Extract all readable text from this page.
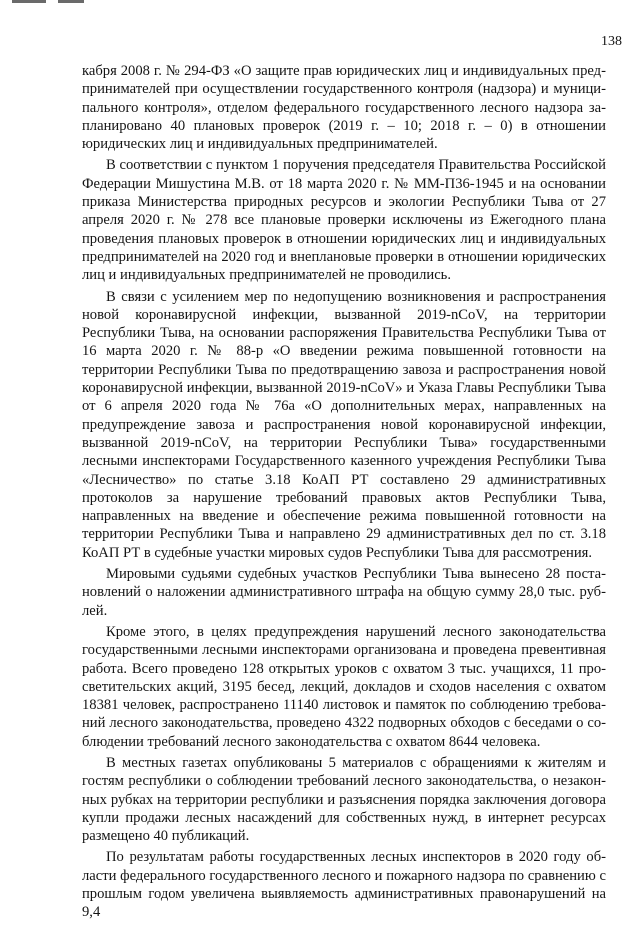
138

кабря 2008 г. № 294-ФЗ «О защите прав юридических лиц и индивидуальных предпринимателей при осуществлении государственного контроля (надзора) и муниципального контроля», отделом федерального государственного лесного надзора запланировано 40 плановых проверок (2019 г. – 10; 2018 г. – 0) в отношении юридических лиц и индивидуальных предпринимателей.

В соответствии с пунктом 1 поручения председателя Правительства Российской Федерации Мишустина М.В. от 18 марта 2020 г. № ММ-П36-1945 и на основании приказа Министерства природных ресурсов и экологии Республики Тыва от 27 апреля 2020 г. № 278 все плановые проверки исключены из Ежегодного плана проведения плановых проверок в отношении юридических лиц и индивидуальных предпринимателей на 2020 год и внеплановые проверки в отношении юридических лиц и индивидуальных предпринимателей не проводились.

В связи с усилением мер по недопущению возникновения и распространения новой коронавирусной инфекции, вызванной 2019-nCoV, на территории Республики Тыва, на основании распоряжения Правительства Республики Тыва от 16 марта 2020 г. № 88-р «О введении режима повышенной готовности на территории Республики Тыва по предотвращению завоза и распространения новой коронавирусной инфекции, вызванной 2019-nCoV» и Указа Главы Республики Тыва от 6 апреля 2020 года № 76а «О дополнительных мерах, направленных на предупреждение завоза и распространения новой коронавирусной инфекции, вызванной 2019-nCoV, на территории Республики Тыва» государственными лесными инспекторами Государственного казенного учреждения Республики Тыва «Лесничество» по статье 3.18 КоАП РТ составлено 29 административных протоколов за нарушение требований правовых актов Республики Тыва, направленных на введение и обеспечение режима повышенной готовности на территории Республики Тыва и направлено 29 административных дел по ст. 3.18 КоАП РТ в судебные участки мировых судов Республики Тыва для рассмотрения.

Мировыми судьями судебных участков Республики Тыва вынесено 28 постановлений о наложении административного штрафа на общую сумму 28,0 тыс. рублей.

Кроме этого, в целях предупреждения нарушений лесного законодательства государственными лесными инспекторами организована и проведена превентивная работа. Всего проведено 128 открытых уроков с охватом 3 тыс. учащихся, 11 просветительских акций, 3195 бесед, лекций, докладов и сходов населения с охватом 18381 человек, распространено 11140 листовок и памяток по соблюдению требований лесного законодательства, проведено 4322 подворных обходов с беседами о соблюдении требований лесного законодательства с охватом 8644 человека.

В местных газетах опубликованы 5 материалов с обращениями к жителям и гостям республики о соблюдении требований лесного законодательства, о незаконных рубках на территории республики и разъяснения порядка заключения договора купли продажи лесных насаждений для собственных нужд, в интернет ресурсах размещено 40 публикаций.

По результатам работы государственных лесных инспекторов в 2020 году области федерального государственного лесного и пожарного надзора по сравнению с прошлым годом увеличена выявляемость административных правонарушений на 9,4
